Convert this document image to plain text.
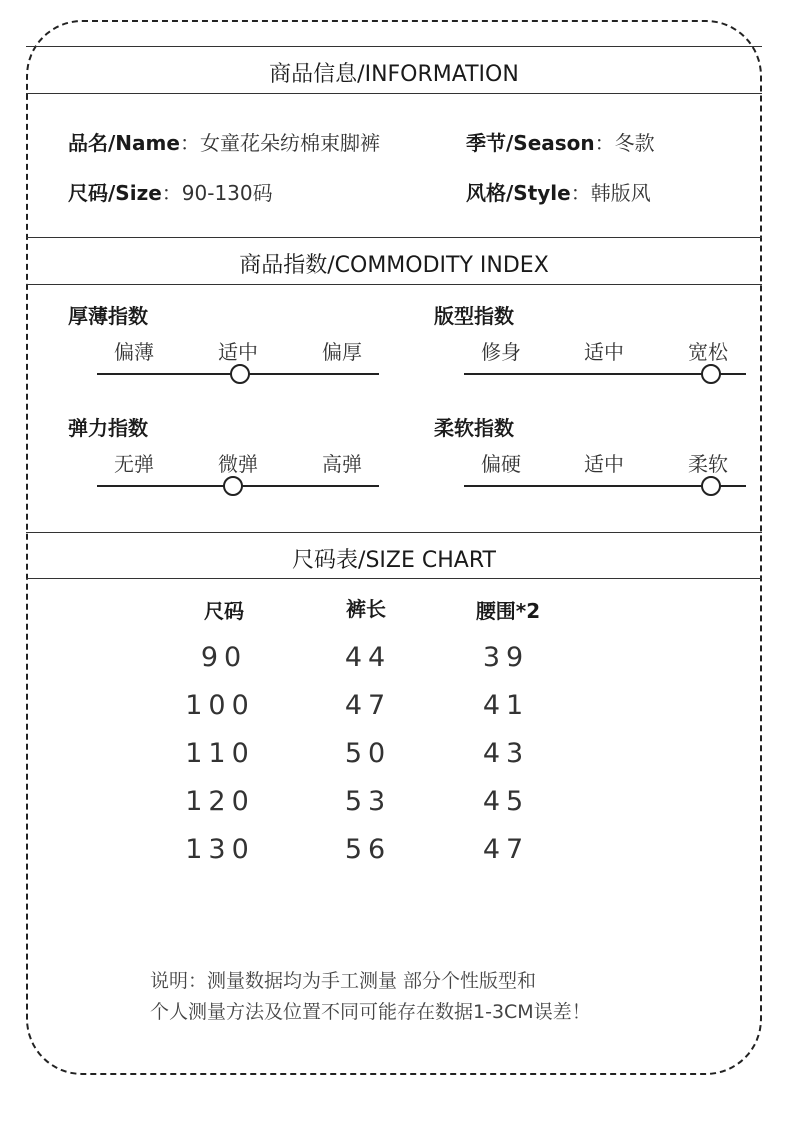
商品信息/INFORMATION
品名/Name：女童花朵纺棉束脚裤	季节/Season：冬款
尺码/Size：90-130码	风格/Style：韩版风
商品指数/COMMODITY INDEX
厚薄指数
偏薄	适中	偏厚
版型指数
修身	适中	宽松
弹力指数
无弹	微弹	高弹
柔软指数
偏硬	适中	柔软
尺码表/SIZE CHART
尺码	裤长	腰围*2
90	44	39
100	47	41
110	50	43
120	53	45
130	56	47
说明：测量数据均为手工测量 部分个性版型和
个人测量方法及位置不同可能存在数据1-3CM误差！
